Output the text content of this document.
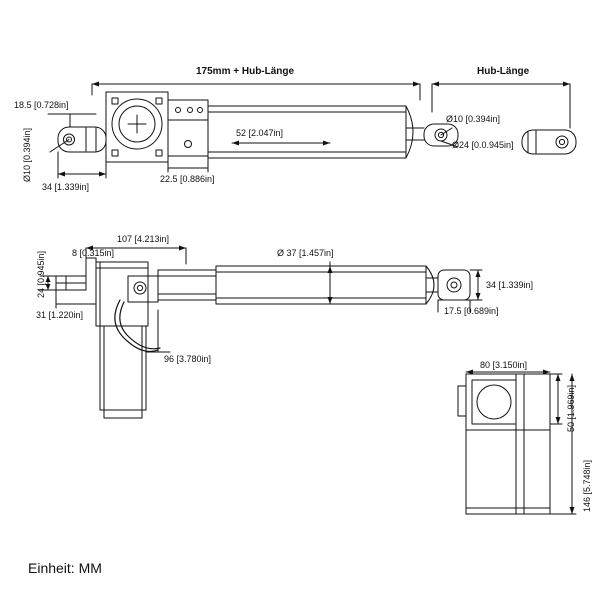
175mm + Hub-Länge	Hub-Länge
18.5 [0.728in]
52 [2.047in]
Ø10 [0.394in]
Ø24 [0.0.945in]
Ø10 [0.394in]
34 [1.339in]
22.5 [0.886in]
107 [4.213in]
8 [0.315in]	Ø 37 [1.457in]
34 [1.339in]
24 [0.945in]
31 [1.220in]	17.5 [0.689in]
96 [3.780in]
80 [3.150in]
50 [1.969in]
146 [5.748in]
Einheit: MM
